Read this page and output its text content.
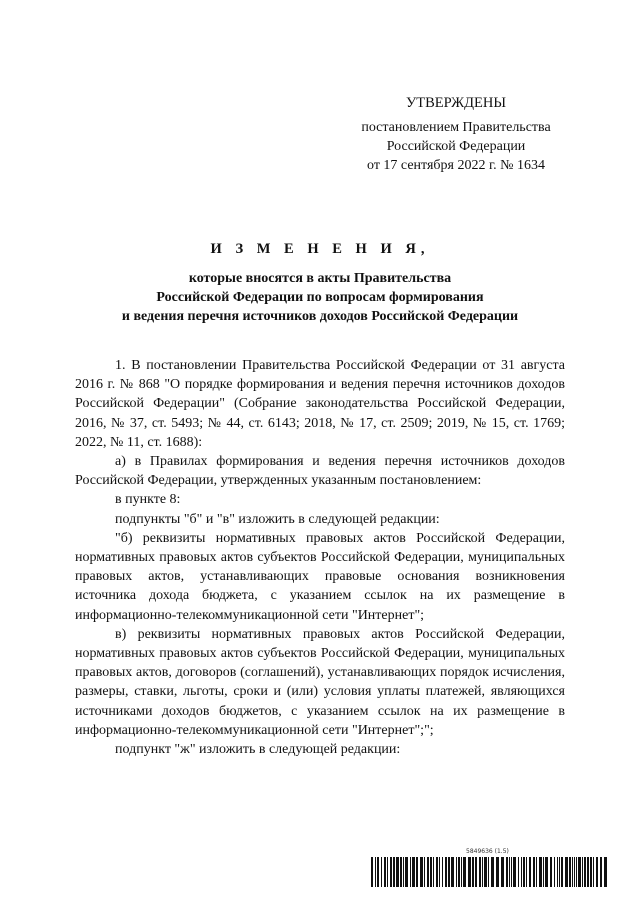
УТВЕРЖДЕНЫ
постановлением Правительства
Российской Федерации
от 17 сентября 2022 г. № 1634
И З М Е Н Е Н И Я,
которые вносятся в акты Правительства
Российской Федерации по вопросам формирования
и ведения перечня источников доходов Российской Федерации

1. В постановлении Правительства Российской Федерации от 31 августа 2016 г. № 868 "О порядке формирования и ведения перечня источников доходов Российской Федерации" (Собрание законодательства Российской Федерации, 2016, № 37, ст. 5493; № 44, ст. 6143; 2018, № 17, ст. 2509; 2019, № 15, ст. 1769; 2022, № 11, ст. 1688):

а) в Правилах формирования и ведения перечня источников доходов Российской Федерации, утвержденных указанным постановлением:

в пункте 8:

подпункты "б" и "в" изложить в следующей редакции:

"б) реквизиты нормативных правовых актов Российской Федерации, нормативных правовых актов субъектов Российской Федерации, муниципальных правовых актов, устанавливающих правовые основания возникновения источника дохода бюджета, с указанием ссылок на их размещение в информационно-телекоммуникационной сети "Интернет";

в) реквизиты нормативных правовых актов Российской Федерации, нормативных правовых актов субъектов Российской Федерации, муниципальных правовых актов, договоров (соглашений), устанавливающих порядок исчисления, размеры, ставки, льготы, сроки и (или) условия уплаты платежей, являющихся источниками доходов бюджетов, с указанием ссылок на их размещение в информационно-телекоммуникационной сети "Интернет";";

подпункт "ж" изложить в следующей редакции:

5849636 (1.5)
